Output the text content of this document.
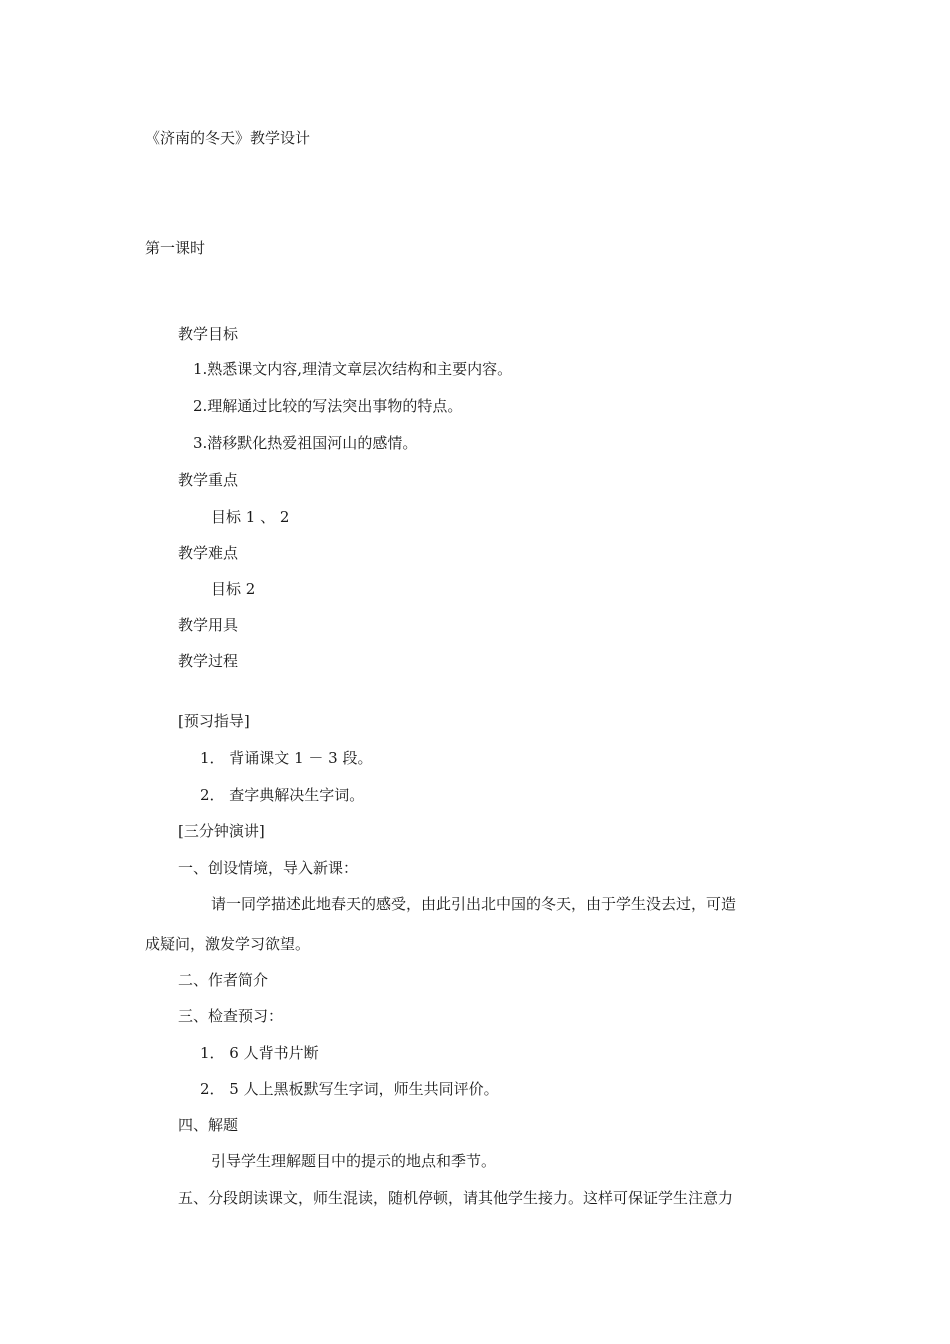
《济南的冬天》教学设计
第一课时
教学目标
1.熟悉课文内容,理清文章层次结构和主要内容。
2.理解通过比较的写法突出事物的特点。
3.潜移默化热爱祖国河山的感情。
教学重点
目标 1 、 2
教学难点
目标 2
教学用具
教学过程
[预习指导]
1． 背诵课文 1 － 3 段。
2． 查字典解决生字词。
[三分钟演讲]
一、创设情境，导入新课：
请一同学描述此地春天的感受，由此引出北中国的冬天，由于学生没去过，可造
成疑问，激发学习欲望。
二、作者简介
三、检查预习：
1． 6 人背书片断
2． 5 人上黑板默写生字词，师生共同评价。
四、解题
引导学生理解题目中的提示的地点和季节。
五、分段朗读课文，师生混读，随机停顿，请其他学生接力。这样可保证学生注意力
